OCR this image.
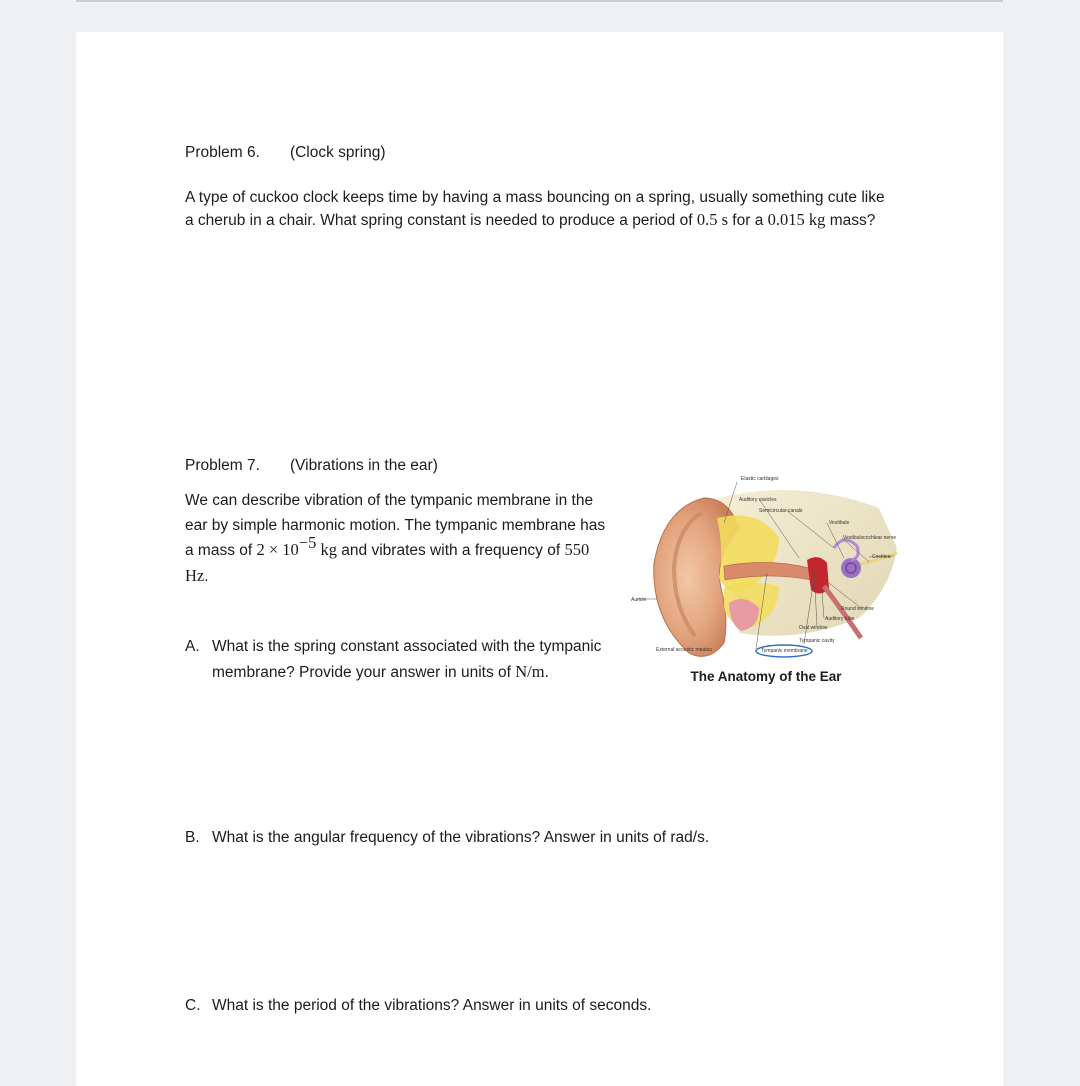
Problem 6. (Clock spring)
A type of cuckoo clock keeps time by having a mass bouncing on a spring, usually something cute like a cherub in a chair. What spring constant is needed to produce a period of 0.5 s for a 0.015 kg mass?
Problem 7. (Vibrations in the ear)
We can describe vibration of the tympanic membrane in the ear by simple harmonic motion. The tympanic membrane has a mass of $2 \times 10^{-5}$ kg and vibrates with a frequency of 550 Hz.
A. What is the spring constant associated with the tympanic membrane? Provide your answer in units of N/m.
Elastic cartilages
Auditory ossicles
Semicircular canals
Vestibule
Vestibulocochlear nerve
Cochlea
Auricle
Round window
Auditory tube
Oval window
Tympanic cavity
External acoustic meatus	Tympanic membrane
The Anatomy of the Ear
B. What is the angular frequency of the vibrations? Answer in units of rad/s.
C. What is the period of the vibrations? Answer in units of seconds.
